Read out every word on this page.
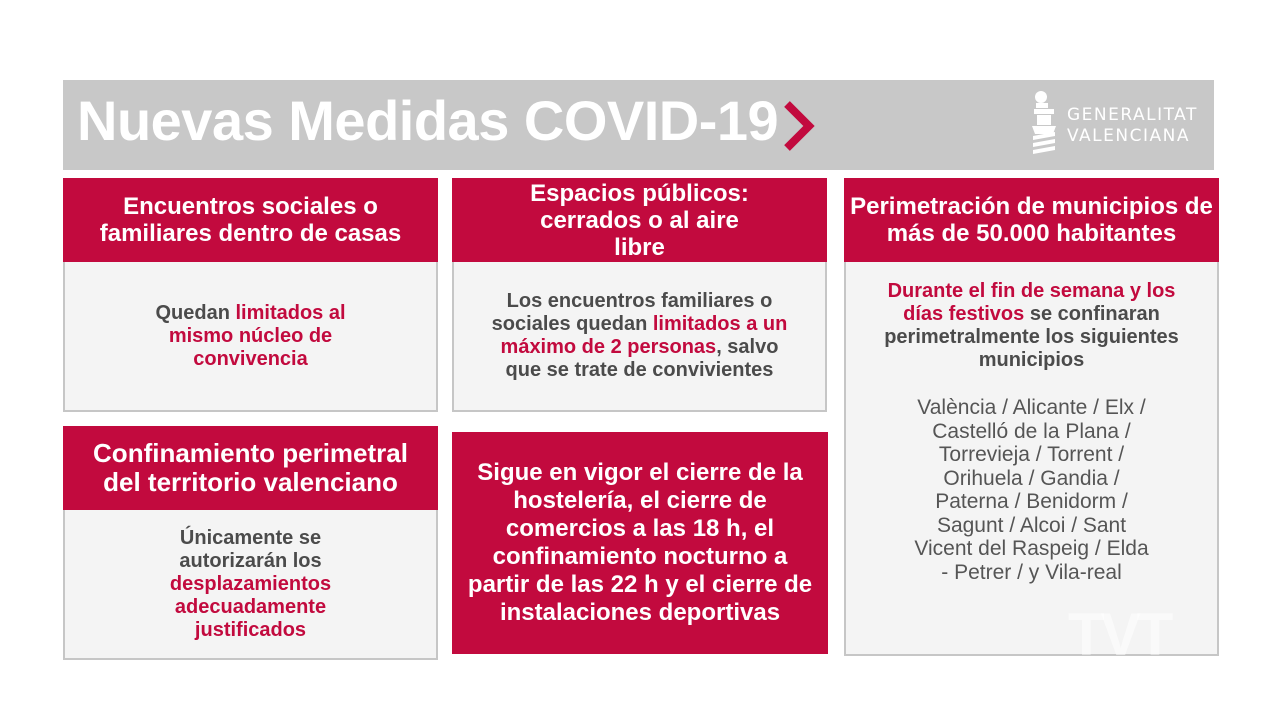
Nuevas Medidas COVID-19	GENERALITAT
VALENCIANA
Encuentros sociales o familiares dentro de casas
Quedan limitados al mismo núcleo de convivencia
Espacios públicos: cerrados o al aire libre
Los encuentros familiares o sociales quedan limitados a un máximo de 2 personas, salvo que se trate de convivientes
Perimetración de municipios de más de 50.000 habitantes
Durante el fin de semana y los días festivos se confinaran perimetralmente los siguientes municipios
València / Alicante / Elx / Castelló de la Plana / Torrevieja / Torrent / Orihuela / Gandia / Paterna / Benidorm / Sagunt / Alcoi / Sant Vicent del Raspeig / Elda - Petrer / y Vila-real
Confinamiento perimetral del territorio valenciano
Únicamente se autorizarán los desplazamientos adecuadamente justificados
Sigue en vigor el cierre de la hostelería, el cierre de comercios a las 18 h, el confinamiento nocturno a partir de las 22 h y el cierre de instalaciones deportivas	TVT
